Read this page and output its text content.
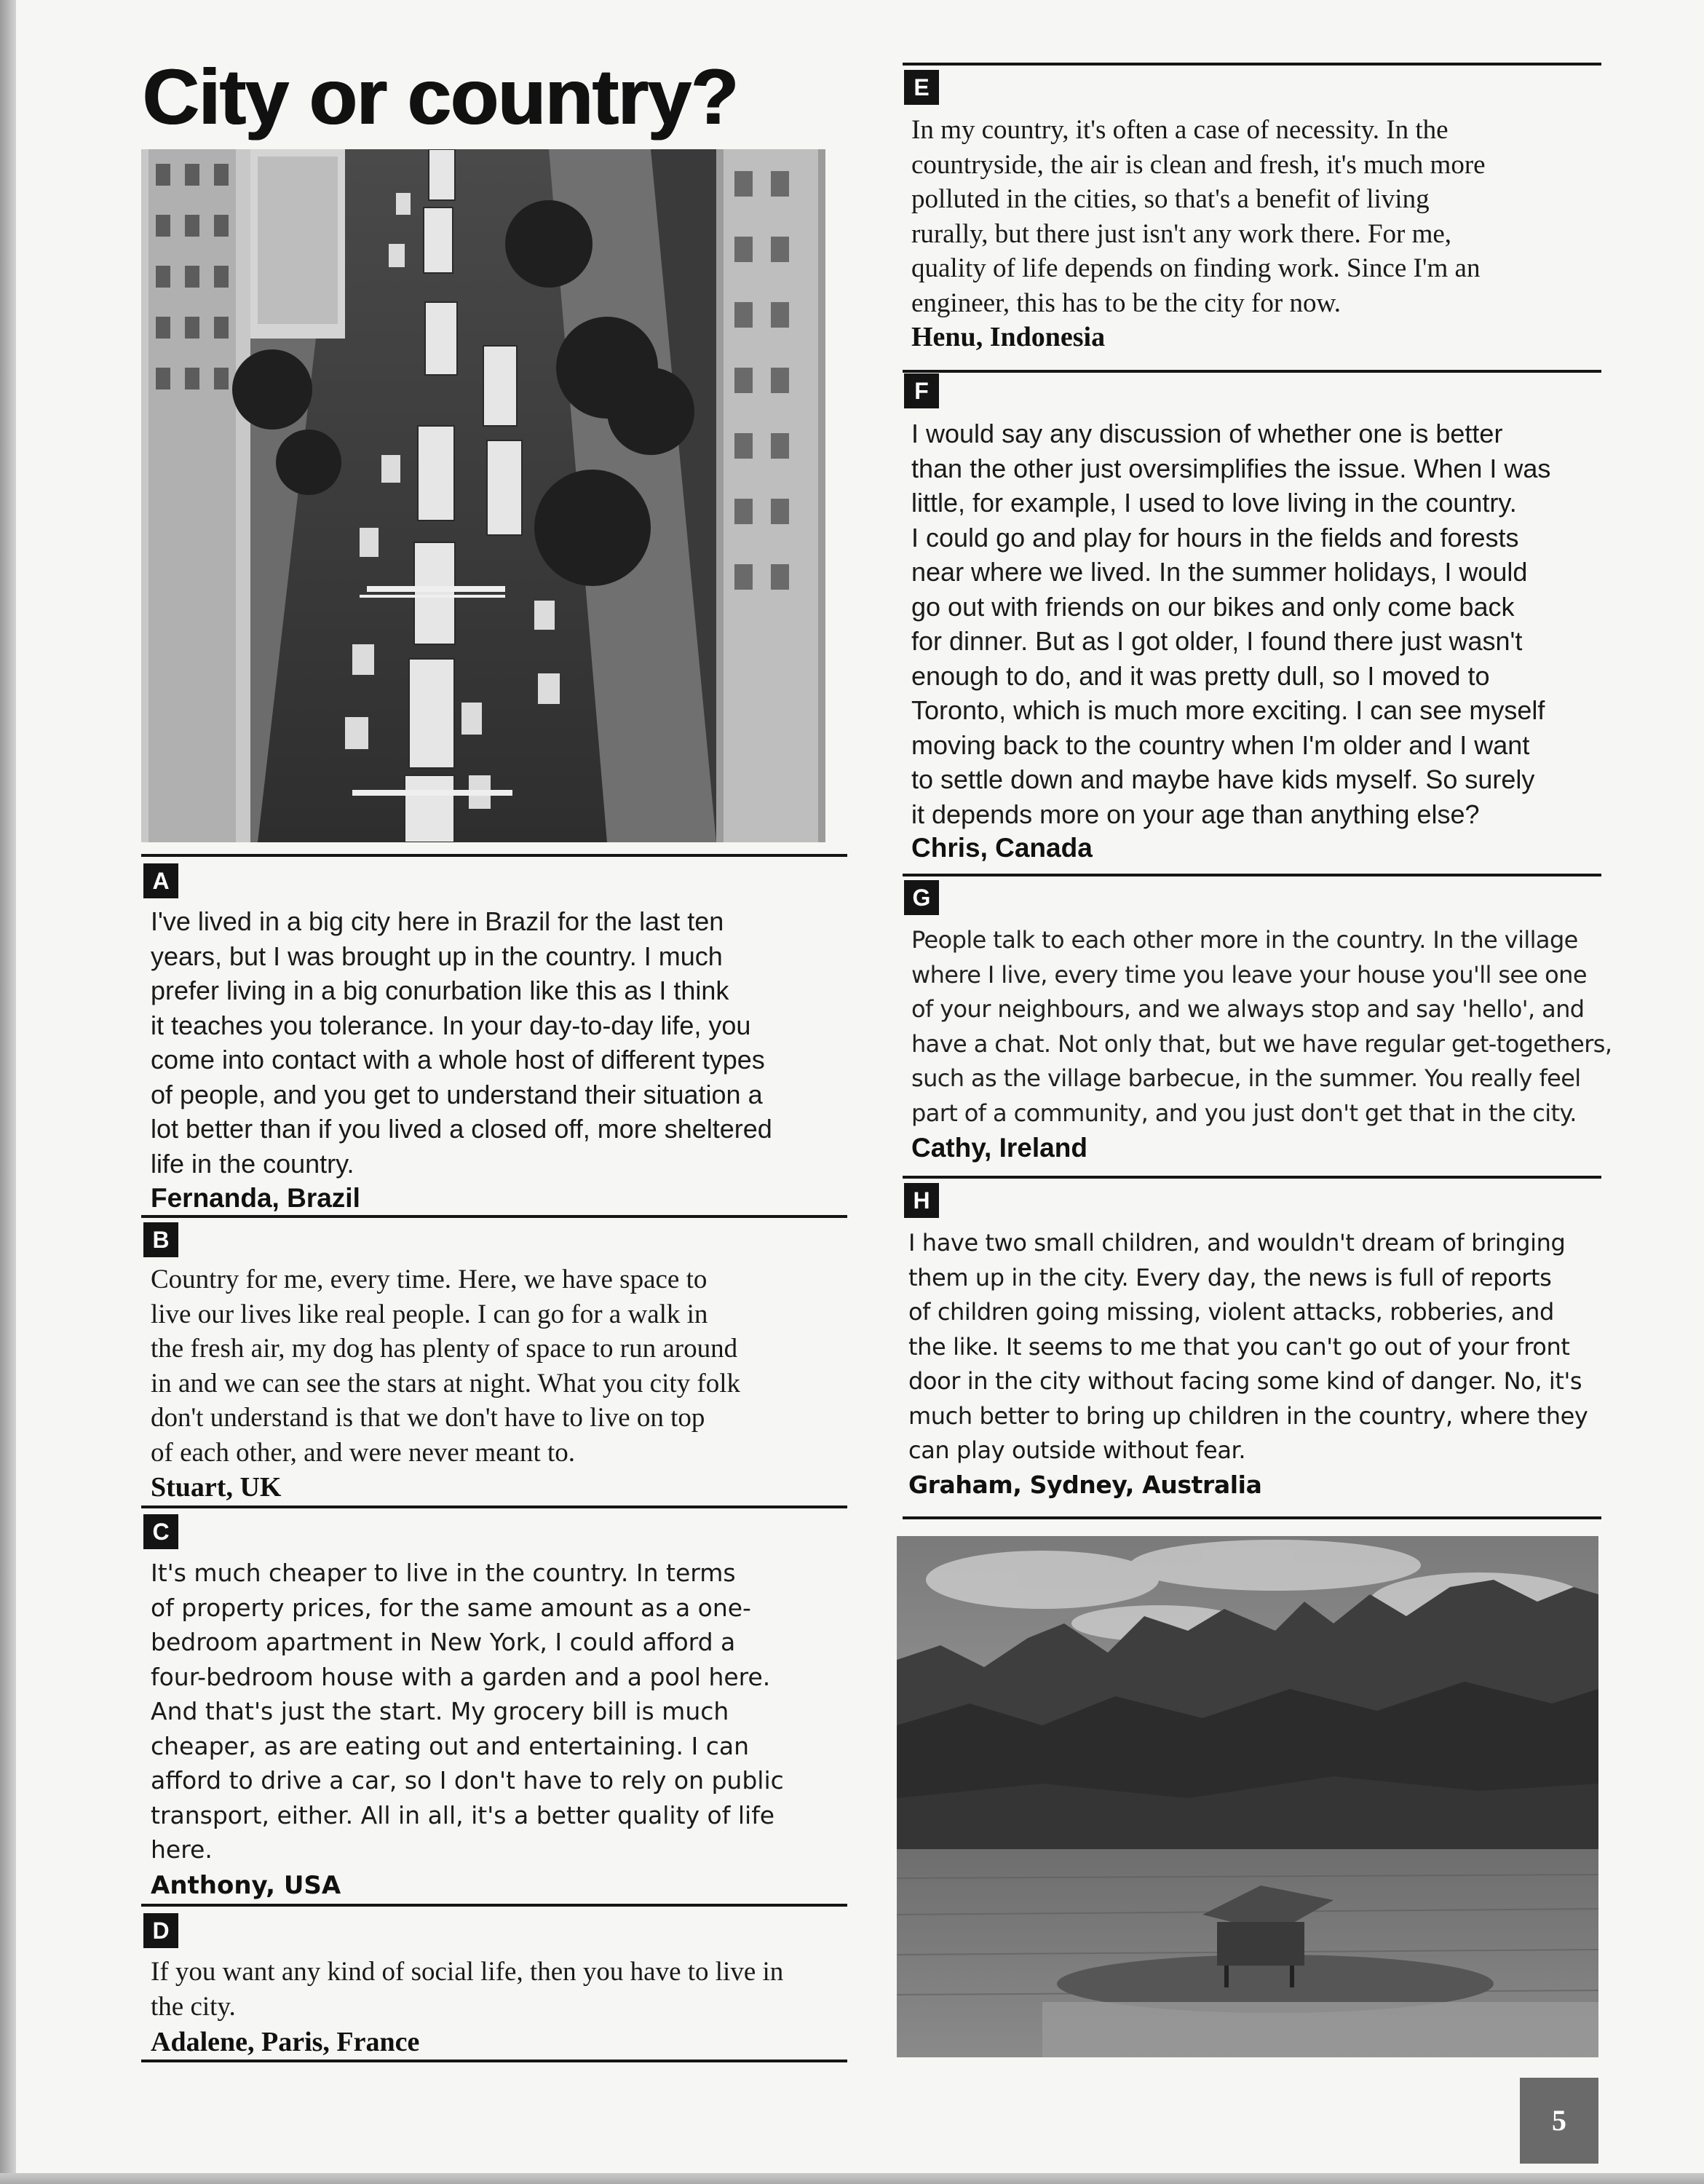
City or country?
A

I've lived in a big city here in Brazil for the last ten
years, but I was brought up in the country. I much
prefer living in a big conurbation like this as I think
it teaches you tolerance. In your day-to-day life, you
come into contact with a whole host of different types
of people, and you get to understand their situation a
lot better than if you lived a closed off, more sheltered
life in the country.

Fernanda, Brazil

B

Country for me, every time. Here, we have space to
live our lives like real people. I can go for a walk in
the fresh air, my dog has plenty of space to run around
in and we can see the stars at night. What you city folk
don't understand is that we don't have to live on top
of each other, and were never meant to.

Stuart, UK

C

It's much cheaper to live in the country. In terms
of property prices, for the same amount as a one-
bedroom apartment in New York, I could afford a
four-bedroom house with a garden and a pool here.
And that's just the start. My grocery bill is much
cheaper, as are eating out and entertaining. I can
afford to drive a car, so I don't have to rely on public
transport, either. All in all, it's a better quality of life
here.

Anthony, USA

D

If you want any kind of social life, then you have to live in
the city.

Adalene, Paris, France

E

In my country, it's often a case of necessity. In the
countryside, the air is clean and fresh, it's much more
polluted in the cities, so that's a benefit of living
rurally, but there just isn't any work there. For me,
quality of life depends on finding work. Since I'm an
engineer, this has to be the city for now.

Henu, Indonesia

F

I would say any discussion of whether one is better
than the other just oversimplifies the issue. When I was
little, for example, I used to love living in the country.
I could go and play for hours in the fields and forests
near where we lived. In the summer holidays, I would
go out with friends on our bikes and only come back
for dinner. But as I got older, I found there just wasn't
enough to do, and it was pretty dull, so I moved to
Toronto, which is much more exciting. I can see myself
moving back to the country when I'm older and I want
to settle down and maybe have kids myself. So surely
it depends more on your age than anything else?

Chris, Canada

G

People talk to each other more in the country. In the village
where I live, every time you leave your house you'll see one
of your neighbours, and we always stop and say 'hello', and
have a chat. Not only that, but we have regular get-togethers,
such as the village barbecue, in the summer. You really feel
part of a community, and you just don't get that in the city.

Cathy, Ireland

H

I have two small children, and wouldn't dream of bringing
them up in the city. Every day, the news is full of reports
of children going missing, violent attacks, robberies, and
the like. It seems to me that you can't go out of your front
door in the city without facing some kind of danger. No, it's
much better to bring up children in the country, where they
can play outside without fear.

Graham, Sydney, Australia

5
